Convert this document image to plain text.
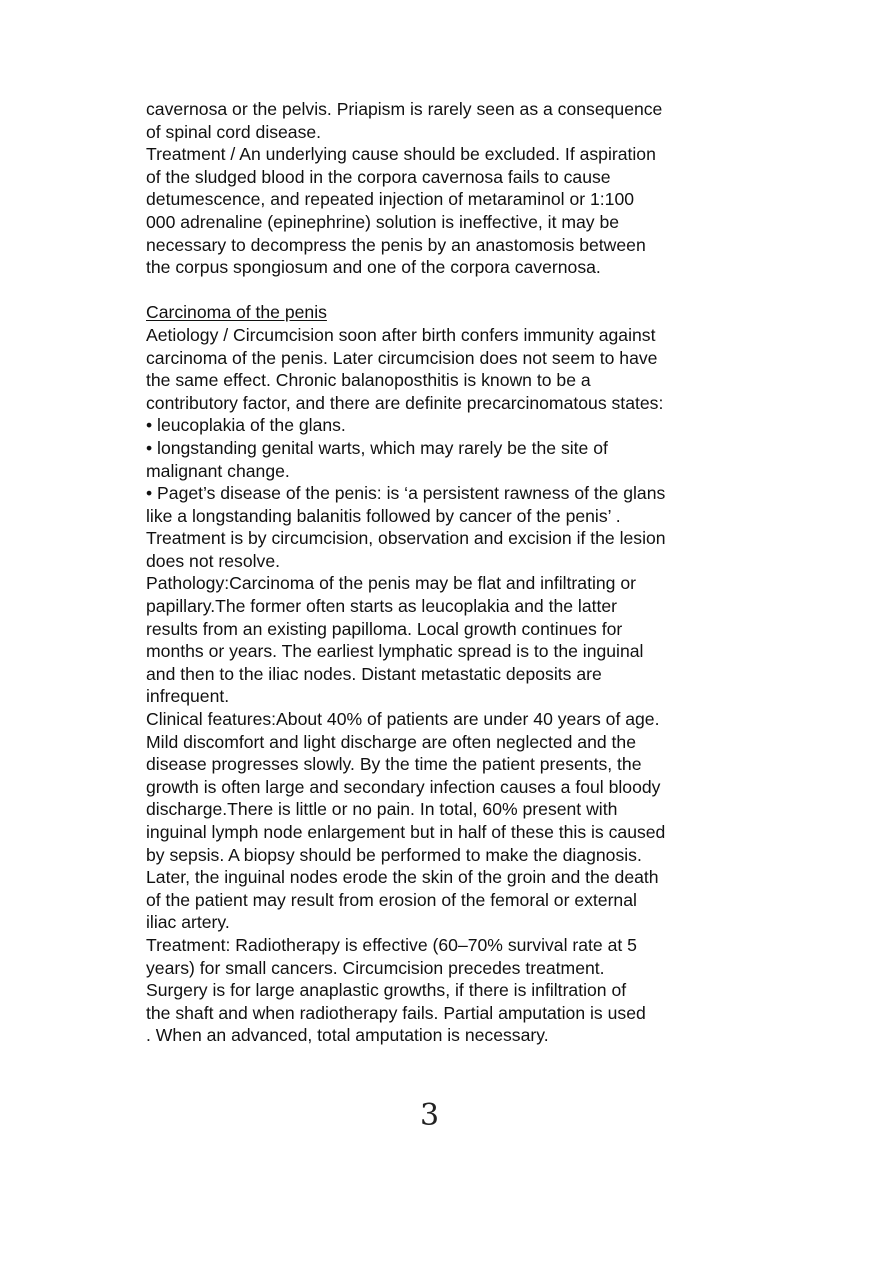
cavernosa or the pelvis. Priapism is rarely seen as a consequence
of spinal cord disease.
Treatment / An underlying cause should be excluded. If aspiration
of the sludged blood in the corpora cavernosa fails to cause
detumescence, and repeated injection of metaraminol or 1:100
000 adrenaline (epinephrine) solution is ineffective, it may be
necessary to decompress the penis by an anastomosis between
the corpus spongiosum and one of the corpora cavernosa.
Carcinoma of the penis
Aetiology / Circumcision soon after birth confers immunity against
carcinoma of the penis. Later circumcision does not seem to have
the same effect. Chronic balanoposthitis is known to be a
contributory factor, and there are definite precarcinomatous states:
• leucoplakia of the glans.
• longstanding genital warts, which may rarely be the site of
malignant change.
• Paget’s disease of the penis: is ‘a persistent rawness of the glans
like a longstanding balanitis followed by cancer of the penis’ .
Treatment is by circumcision, observation and excision if the lesion
does not resolve.
Pathology:Carcinoma of the penis may be flat and infiltrating or
papillary.The former often starts as leucoplakia and the latter
results from an existing papilloma. Local growth continues for
months or years. The earliest lymphatic spread is to the inguinal
and then to the iliac nodes. Distant metastatic deposits are
infrequent.
Clinical features:About 40% of patients are under 40 years of age.
Mild discomfort and light discharge are often neglected and the
disease progresses slowly. By the time the patient presents, the
growth is often large and secondary infection causes a foul bloody
discharge.There is little or no pain. In total, 60% present with
inguinal lymph node enlargement but in half of these this is caused
by sepsis. A biopsy should be performed to make the diagnosis.
Later, the inguinal nodes erode the skin of the groin and the death
of the patient may result from erosion of the femoral or external
iliac artery.
Treatment: Radiotherapy is effective (60–70% survival rate at 5
years) for small cancers. Circumcision precedes treatment.
Surgery is for large anaplastic growths, if there is infiltration of
the shaft and when radiotherapy fails. Partial amputation is used
. When an advanced, total amputation is necessary.
3
